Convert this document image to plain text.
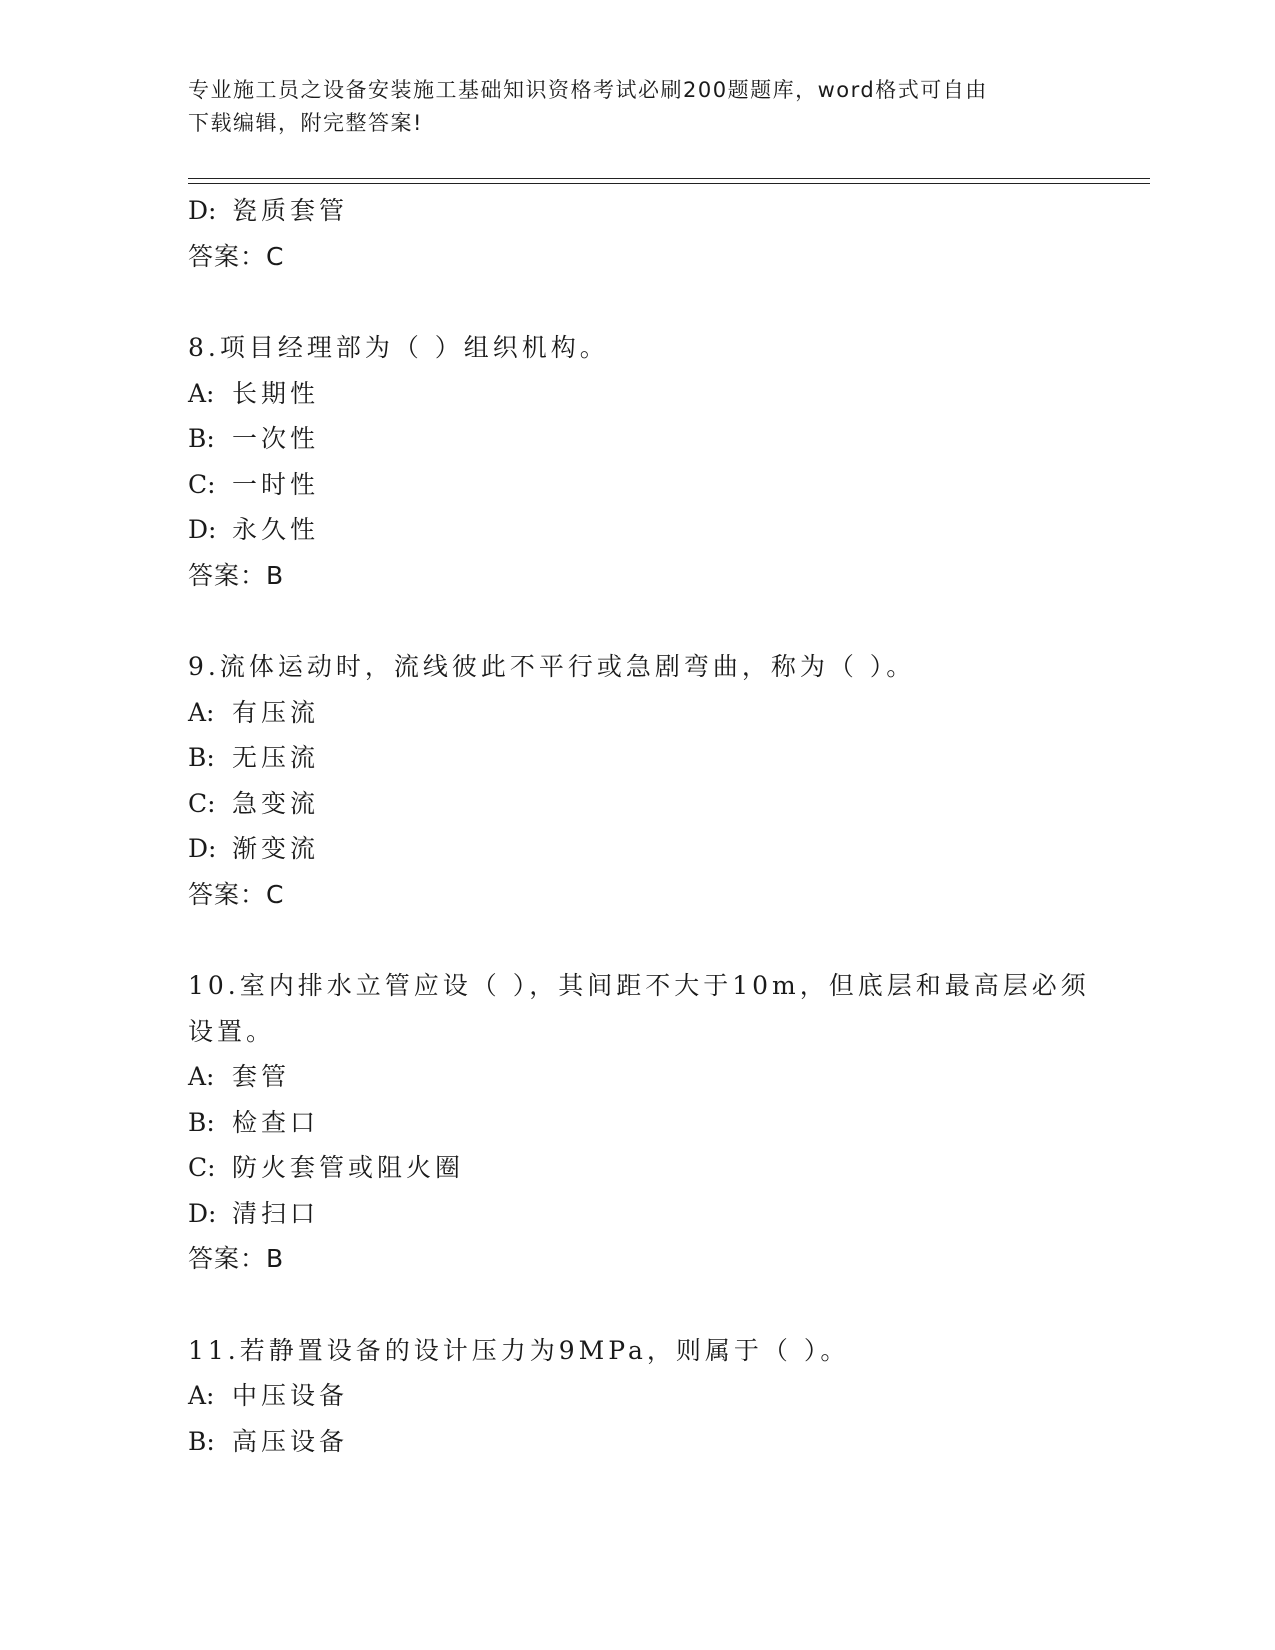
专业施工员之设备安装施工基础知识资格考试必刷200题题库，word格式可自由
下载编辑，附完整答案!
D: 瓷质套管
答案：C
8.项目经理部为（ ）组织机构。
A: 长期性
B: 一次性
C: 一时性
D: 永久性
答案：B
9.流体运动时，流线彼此不平行或急剧弯曲，称为（ ）。
A: 有压流
B: 无压流
C: 急变流
D: 渐变流
答案：C
10.室内排水立管应设（ ），其间距不大于10m，但底层和最高层必须
设置。
A: 套管
B: 检查口
C: 防火套管或阻火圈
D: 清扫口
答案：B
11.若静置设备的设计压力为9MPa，则属于（ ）。
A: 中压设备
B: 高压设备
